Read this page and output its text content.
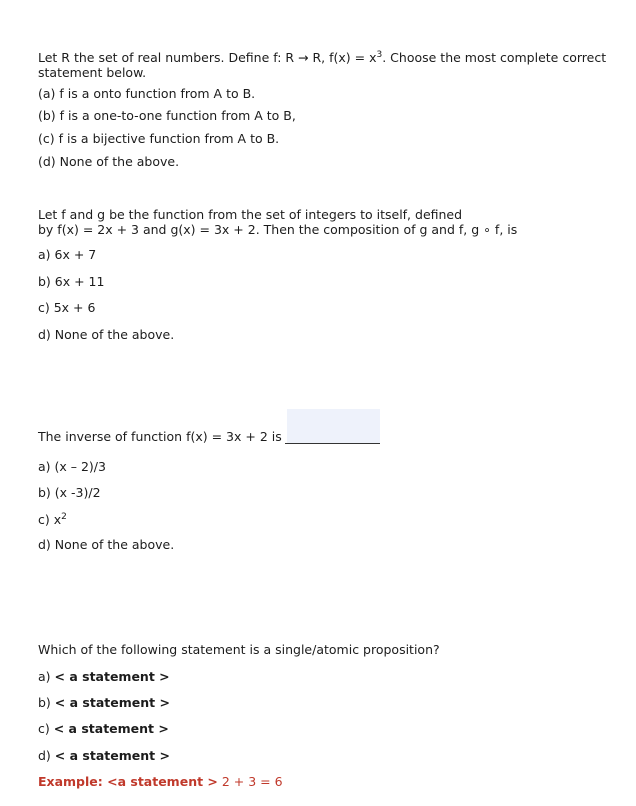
Let R the set of real numbers. Define f: R → R, $f(x) = x^3$. Choose the most complete correct
statement below.
(a) f is a onto function from A to B.
(b) f is a one-to-one function from A to B,
(c) f is a bijective function from A to B.
(d) None of the above.
Let f and g be the function from the set of integers to itself, defined
by f(x) = 2x + 3 and g(x) = 3x + 2. Then the composition of g and f, g ∘ f, is
a) 6x + 7
b) 6x + 11
c) 5x + 6
d) None of the above.
The inverse of function f(x) = 3x + 2 is
a) (x – 2)/3
b) (x -3)/2
c) $x^2$
d) None of the above.
Which of the following statement is a single/atomic proposition?
a) < a statement >
b) < a statement >
c) < a statement >
d) < a statement >
Example: <a statement > 2 + 3 = 6
